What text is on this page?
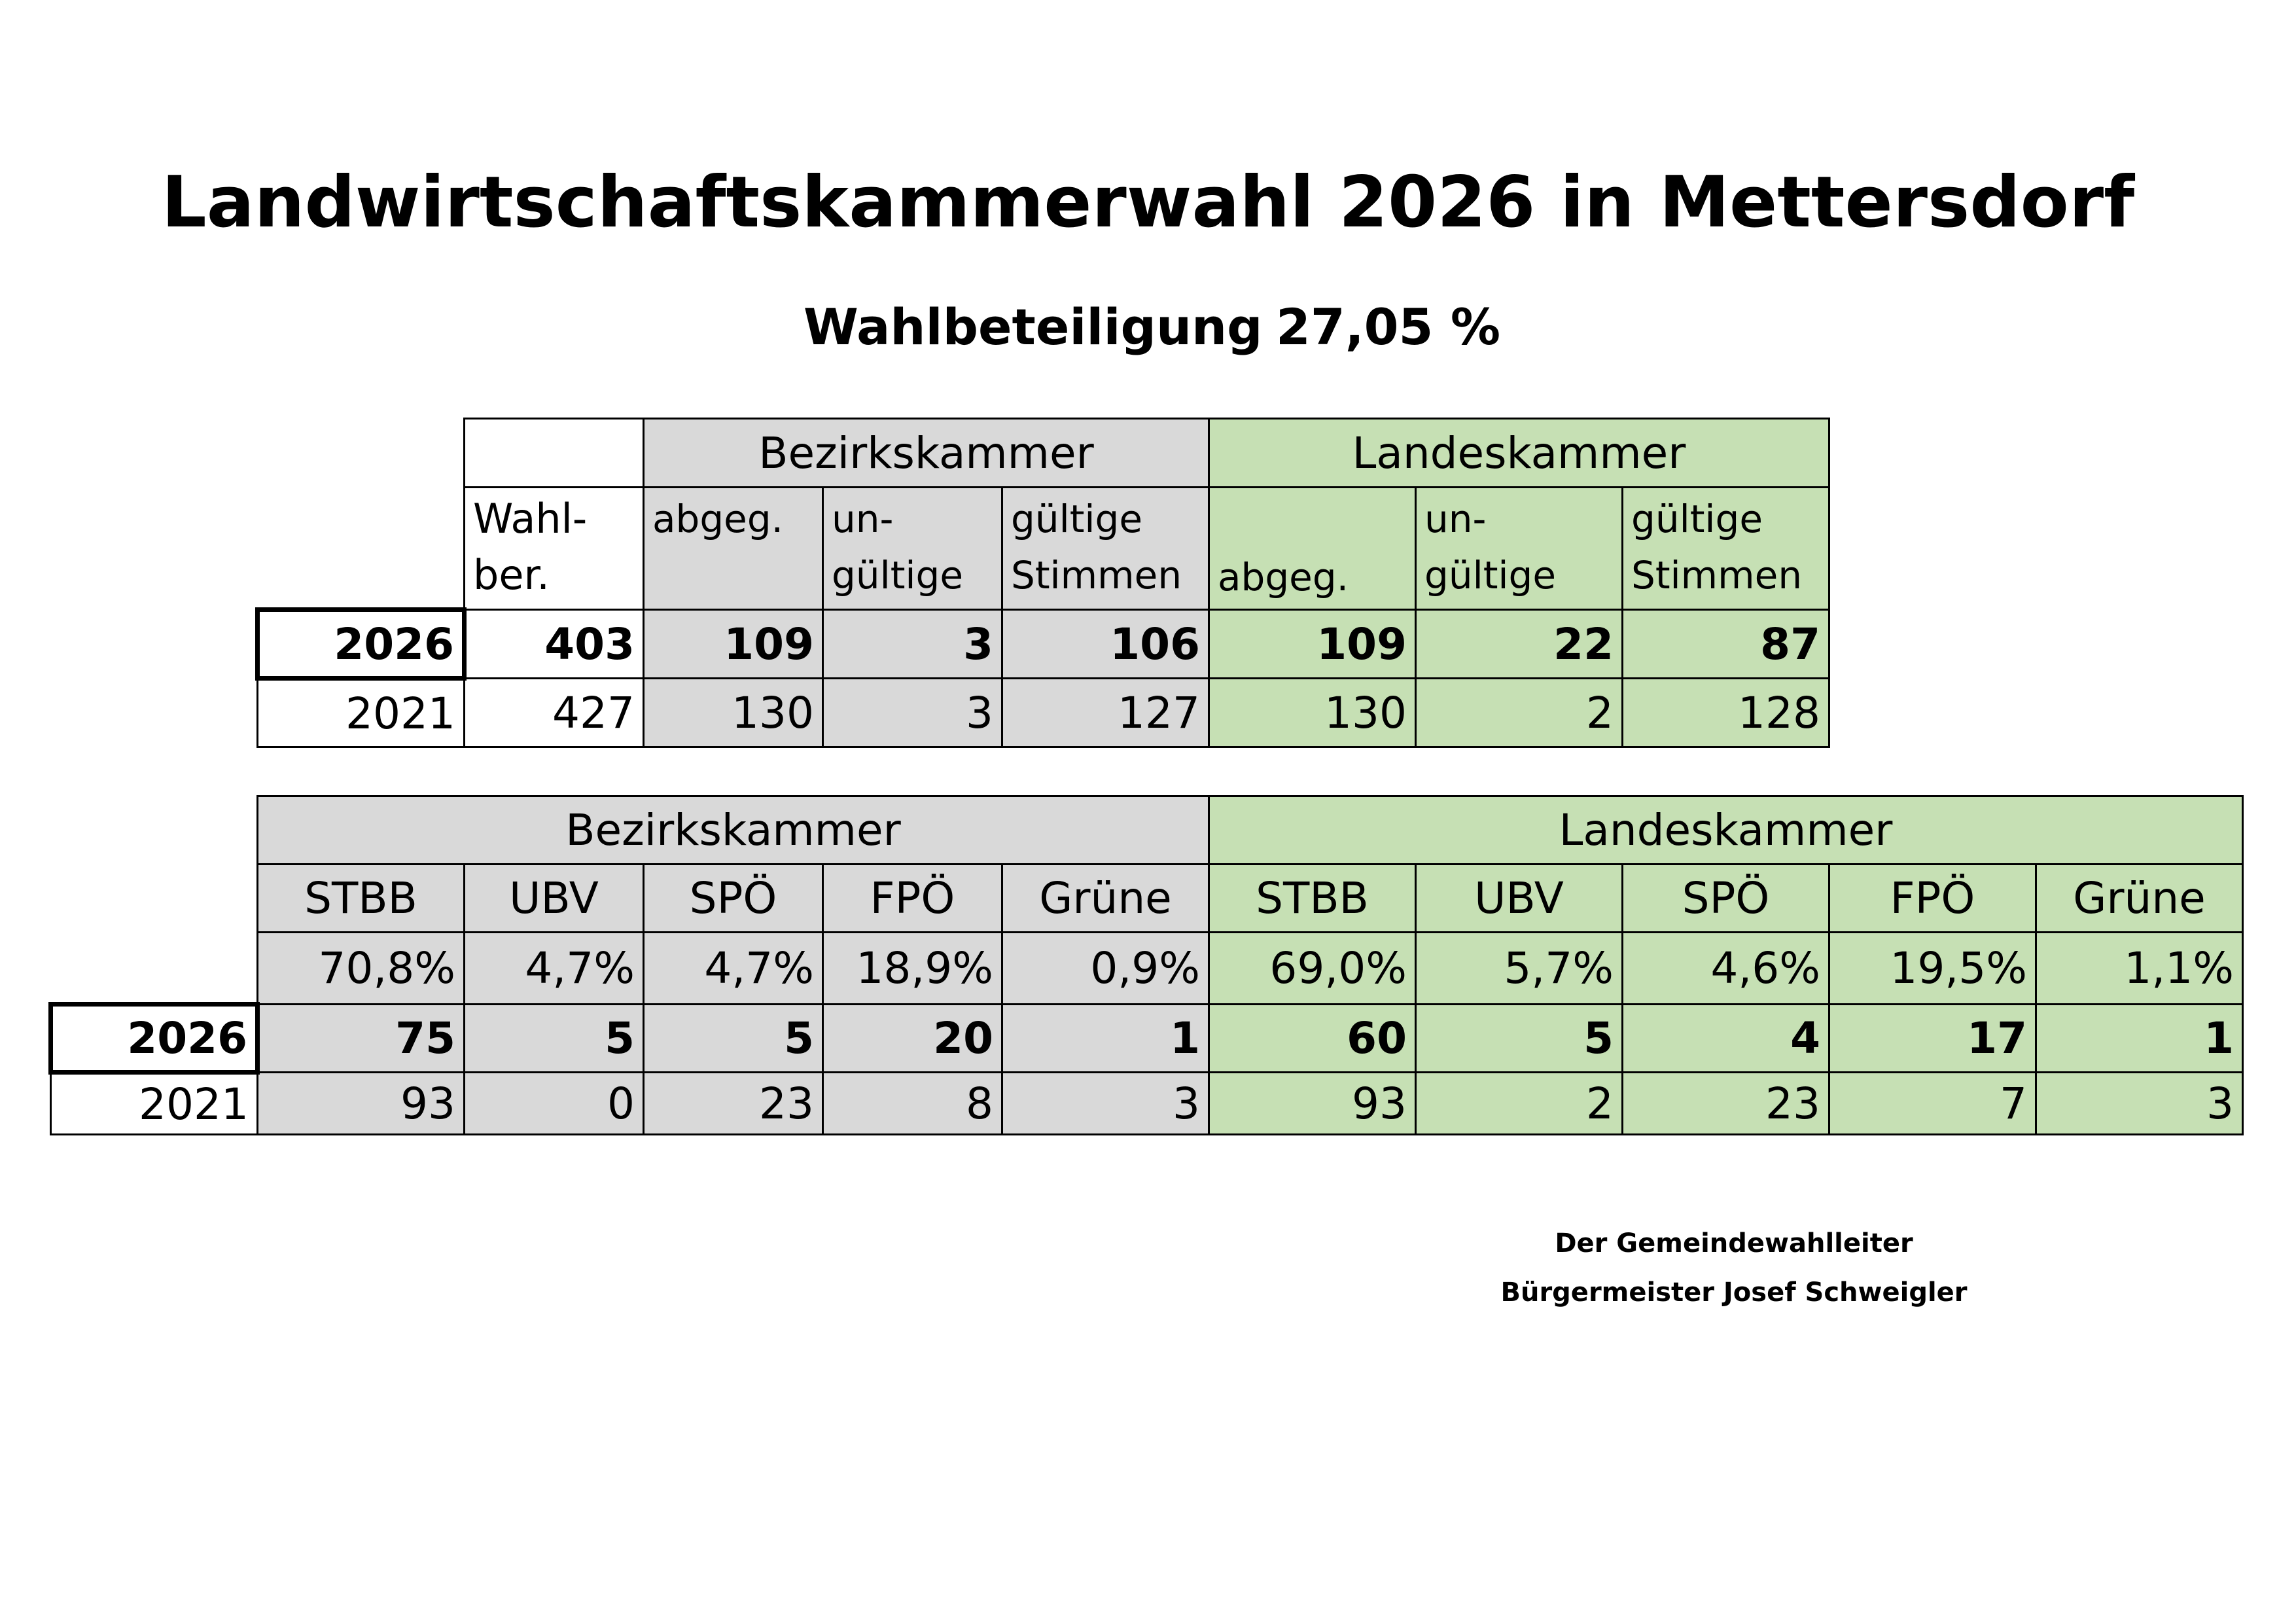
Landwirtschaftskammerwahl 2026 in Mettersdorf
Wahlbeteiligung 27,05 %
		Bezirkskammer			Landeskammer		
	Wahl- ber.	abgeg.	un- gültige	gültige Stimmen	abgeg.	un- gültige	gültige Stimmen
2026	403	109	3	106	109	22	87
2021	427	130	3	127	130	2	128
	Bezirkskammer					Landeskammer				
	STBB	UBV	SPÖ	FPÖ	Grüne	STBB	UBV	SPÖ	FPÖ	Grüne
	70,8%	4,7%	4,7%	18,9%	0,9%	69,0%	5,7%	4,6%	19,5%	1,1%
2026	75	5	5	20	1	60	5	4	17	1
2021	93	0	23	8	3	93	2	23	7	3
Der Gemeindewahlleiter
Bürgermeister Josef Schweigler
